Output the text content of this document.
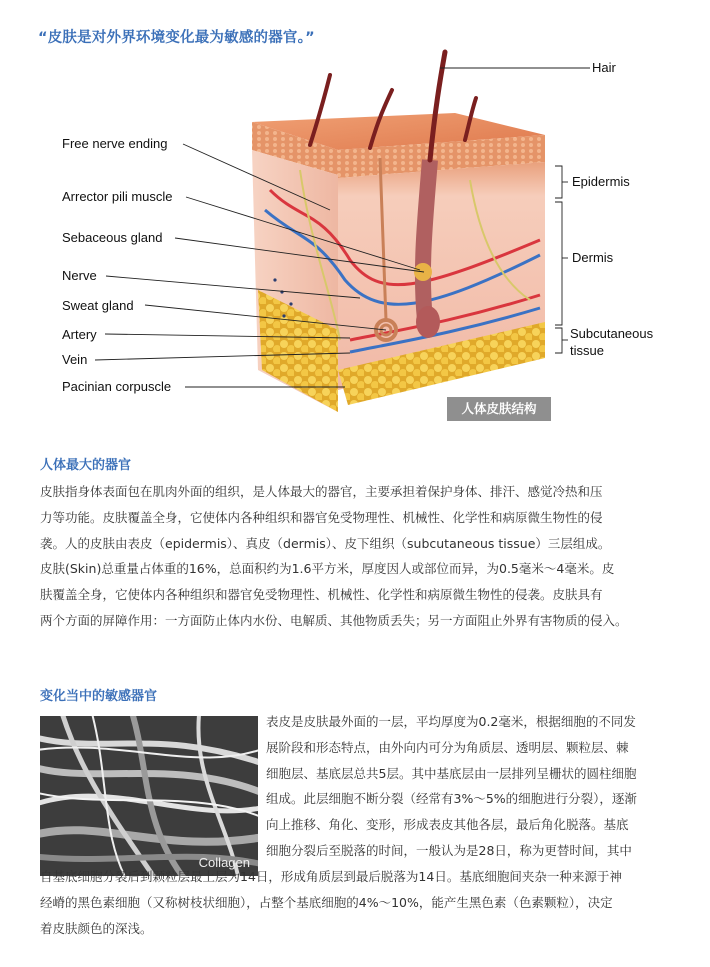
“皮肤是对外界环境变化最为敏感的器官。”
Hair
Free nerve ending
Arrector pili muscle
Sebaceous gland
Nerve
Sweat gland
Artery
Vein
Pacinian corpuscle
Epidermis
Dermis
Subcutaneous
tissue
人体皮肤结构
人体最大的器官
皮肤指身体表面包在肌肉外面的组织，是人体最大的器官，主要承担着保护身体、排汗、感觉冷热和压
力等功能。皮肤覆盖全身，它使体内各种组织和器官免受物理性、机械性、化学性和病原微生物性的侵
袭。人的皮肤由表皮（epidermis）、真皮（dermis）、皮下组织（subcutaneous tissue）三层组成。
皮肤(Skin)总重量占体重的16%，总面积约为1.6平方米，厚度因人或部位而异，为0.5毫米～4毫米。皮
肤覆盖全身，它使体内各种组织和器官免受物理性、机械性、化学性和病原微生物性的侵袭。皮肤具有
两个方面的屏障作用：一方面防止体内水份、电解质、其他物质丢失；另一方面阻止外界有害物质的侵入。
变化当中的敏感器官
Collagen
表皮是皮肤最外面的一层，平均厚度为0.2毫米，根据细胞的不同发
展阶段和形态特点，由外向内可分为角质层、透明层、颗粒层、棘
细胞层、基底层总共5层。其中基底层由一层排列呈栅状的圆柱细胞
组成。此层细胞不断分裂（经常有3%～5%的细胞进行分裂），逐渐
向上推移、角化、变形，形成表皮其他各层，最后角化脱落。基底
细胞分裂后至脱落的时间，一般认为是28日，称为更替时间，其中
自基底细胞分裂后到颗粒层最上层为14日，形成角质层到最后脱落为14日。基底细胞间夹杂一种来源于神
经嵴的黑色素细胞（又称树枝状细胞），占整个基底细胞的4%～10%，能产生黑色素（色素颗粒），决定
着皮肤颜色的深浅。
